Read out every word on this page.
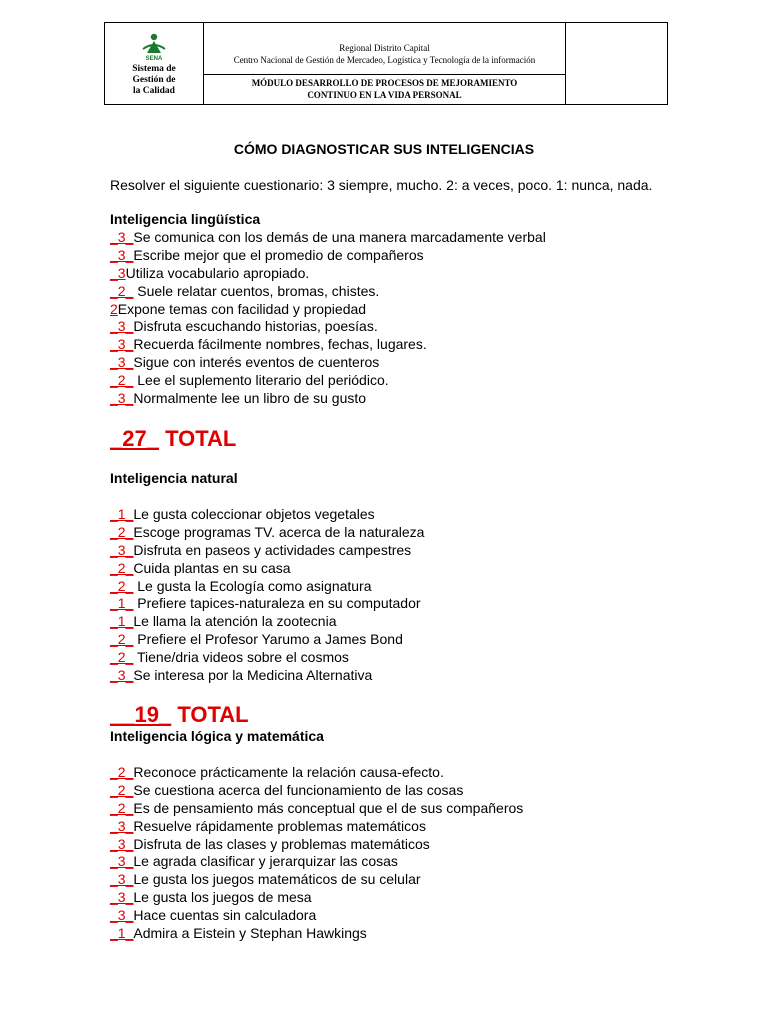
SENA
Sistema de
Gestión de
la Calidad
Regional Distrito Capital
Centro Nacional de Gestión de Mercadeo, Logística y Tecnología de la información
MÓDULO DESARROLLO DE PROCESOS DE MEJORAMIENTO
CONTINUO EN LA VIDA PERSONAL
CÓMO DIAGNOSTICAR SUS INTELIGENCIAS
Resolver el siguiente cuestionario: 3 siempre, mucho. 2: a veces, poco. 1: nunca, nada.
Inteligencia lingüística
_3_Se comunica con los demás de una manera marcadamente verbal
_3_Escribe mejor que el promedio de compañeros
_3Utiliza vocabulario apropiado.
_2_ Suele relatar cuentos, bromas, chistes.
2Expone temas con facilidad y propiedad
_3_Disfruta escuchando historias, poesías.
_3_Recuerda fácilmente nombres, fechas, lugares.
_3_Sigue con interés eventos de cuenteros
_2_ Lee el suplemento literario del periódico.
_3_Normalmente lee un libro de su gusto
_27_ TOTAL
Inteligencia natural
_1_Le gusta coleccionar objetos vegetales
_2_Escoge programas TV. acerca de la naturaleza
_3_Disfruta en paseos y actividades campestres
_2_Cuida plantas en su casa
_2_ Le gusta la Ecología como asignatura
_1_ Prefiere tapices-naturaleza en su computador
_1_Le llama la atención la zootecnia
_2_ Prefiere el Profesor Yarumo a James Bond
_2_ Tiene/dria videos sobre el cosmos
_3_Se interesa por la Medicina Alternativa
__19_ TOTAL
Inteligencia lógica y matemática
_2_Reconoce prácticamente la relación causa-efecto.
_2_Se cuestiona acerca del funcionamiento de las cosas
_2_Es de pensamiento más conceptual que el de sus compañeros
_3_Resuelve rápidamente problemas matemáticos
_3_Disfruta de las clases y problemas matemáticos
_3_Le agrada clasificar y jerarquizar las cosas
_3_Le gusta los juegos matemáticos de su celular
_3_Le gusta los juegos de mesa
_3_Hace cuentas sin calculadora
_1_Admira a Eistein y Stephan Hawkings
